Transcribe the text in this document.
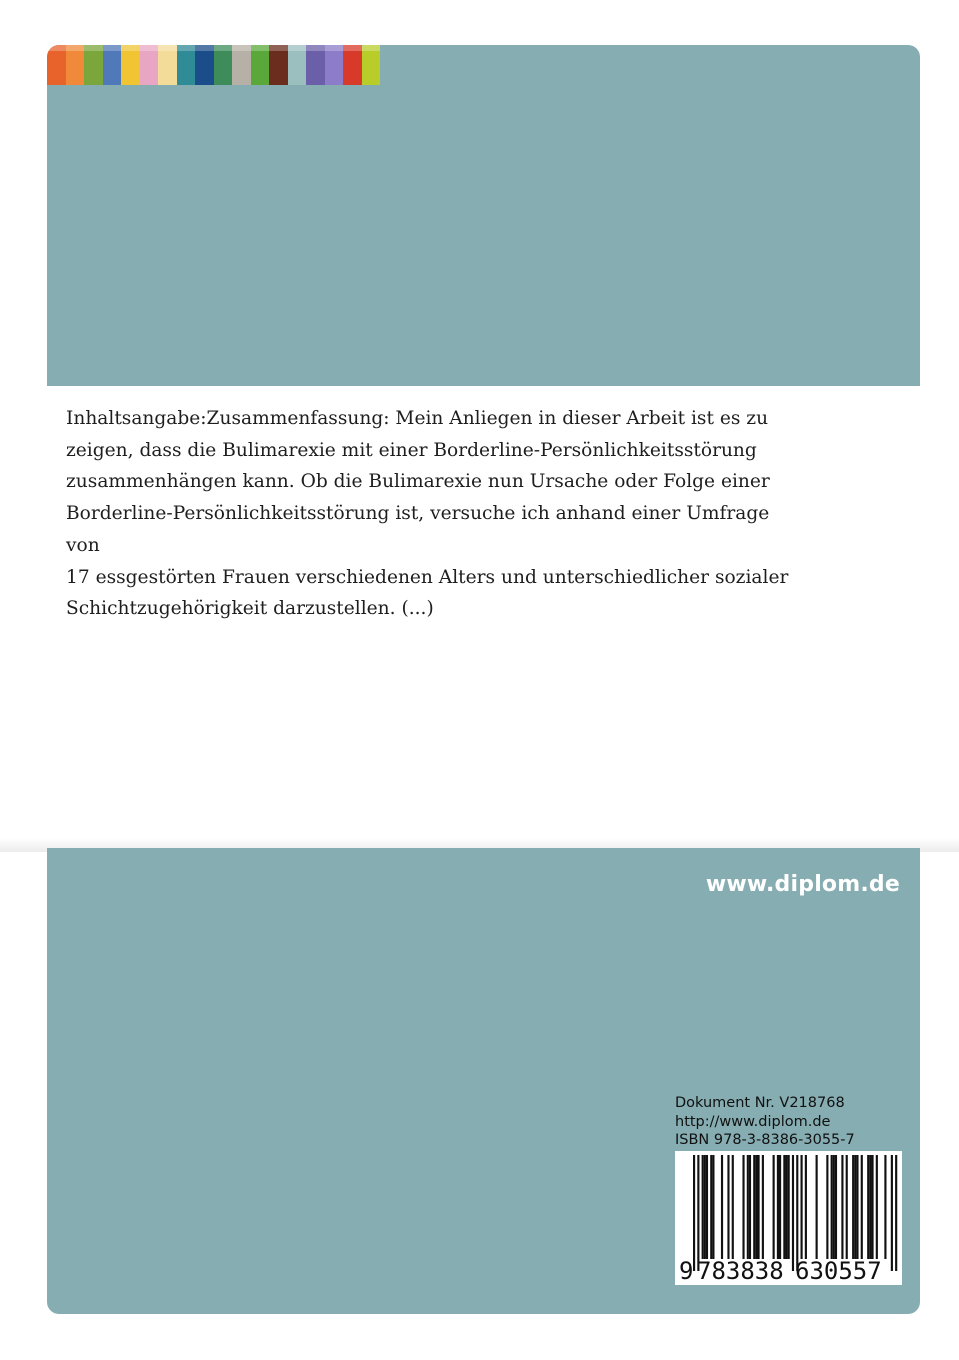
Inhaltsangabe:Zusammenfassung: Mein Anliegen in dieser Arbeit ist es zu
zeigen, dass die Bulimarexie mit einer Borderline-Persönlichkeitsstörung
zusammenhängen kann. Ob die Bulimarexie nun Ursache oder Folge einer
Borderline-Persönlichkeitsstörung ist, versuche ich anhand einer Umfrage von
17 essgestörten Frauen verschiedenen Alters und unterschiedlicher sozialer
Schichtzugehörigkeit darzustellen. (...)
www.diplom.de
Dokument Nr. V218768
http://www.diplom.de
ISBN 978-3-8386-3055-7
9 783838 630557
